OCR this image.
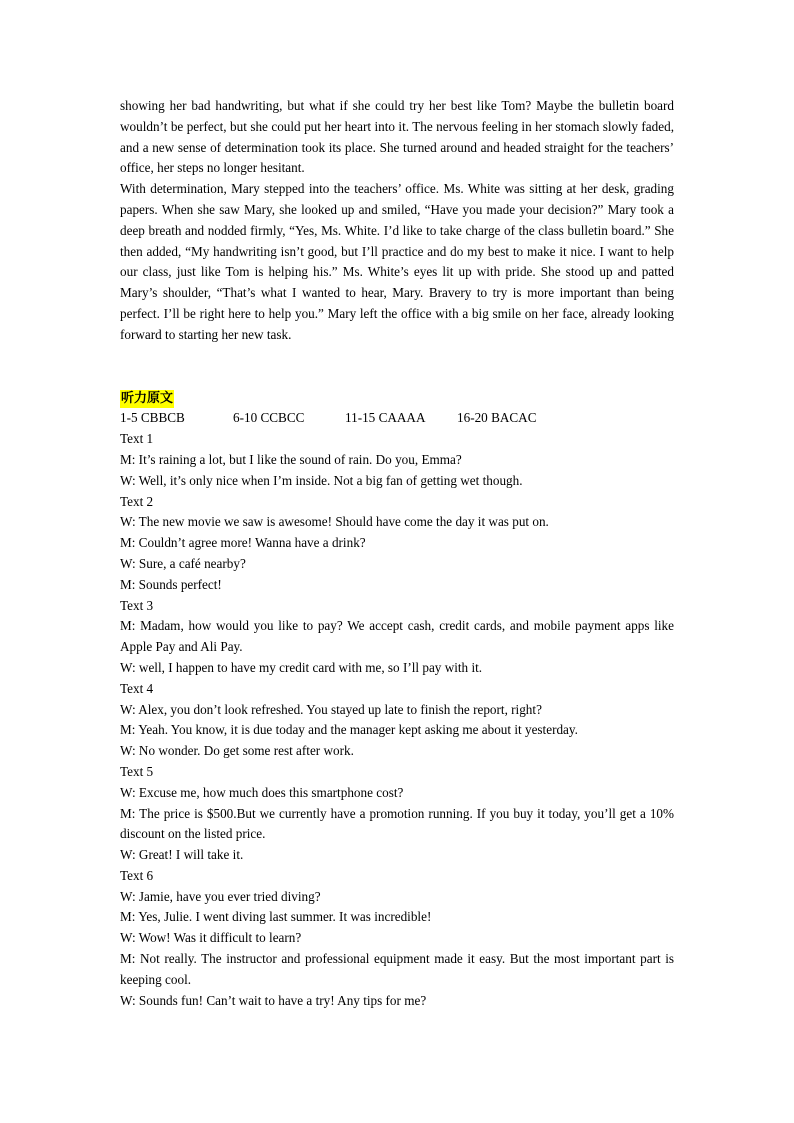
showing her bad handwriting, but what if she could try her best like Tom? Maybe the bulletin board wouldn’t be perfect, but she could put her heart into it. The nervous feeling in her stomach slowly faded, and a new sense of determination took its place. She turned around and headed straight for the teachers’ office, her steps no longer hesitant.

With determination, Mary stepped into the teachers’ office. Ms. White was sitting at her desk, grading papers. When she saw Mary, she looked up and smiled, “Have you made your decision?” Mary took a deep breath and nodded firmly, “Yes, Ms. White. I’d like to take charge of the class bulletin board.” She then added, “My handwriting isn’t good, but I’ll practice and do my best to make it nice. I want to help our class, just like Tom is helping his.” Ms. White’s eyes lit up with pride. She stood up and patted Mary’s shoulder, “That’s what I wanted to hear, Mary. Bravery to try is more important than being perfect. I’ll be right here to help you.” Mary left the office with a big smile on her face, already looking forward to starting her new task.

听力原文
1-5 CBBCB	6-10 CCBCC	11-15 CAAAA	16-20 BACAC

Text 1

M: It’s raining a lot, but I like the sound of rain. Do you, Emma?

W: Well, it’s only nice when I’m inside. Not a big fan of getting wet though.

Text 2

W: The new movie we saw is awesome! Should have come the day it was put on.

M: Couldn’t agree more! Wanna have a drink?

W: Sure, a café nearby?

M: Sounds perfect!

Text 3

M: Madam, how would you like to pay? We accept cash, credit cards, and mobile payment apps like Apple Pay and Ali Pay.

W: well, I happen to have my credit card with me, so I’ll pay with it.

Text 4

W: Alex, you don’t look refreshed. You stayed up late to finish the report, right?

M: Yeah. You know, it is due today and the manager kept asking me about it yesterday.

W: No wonder. Do get some rest after work.

Text 5

W: Excuse me, how much does this smartphone cost?

M: The price is $500.But we currently have a promotion running. If you buy it today, you’ll get a 10% discount on the listed price.

W: Great! I will take it.

Text 6

W: Jamie, have you ever tried diving?

M: Yes, Julie. I went diving last summer. It was incredible!

W: Wow! Was it difficult to learn?

M: Not really. The instructor and professional equipment made it easy. But the most important part is keeping cool.

W: Sounds fun! Can’t wait to have a try! Any tips for me?
